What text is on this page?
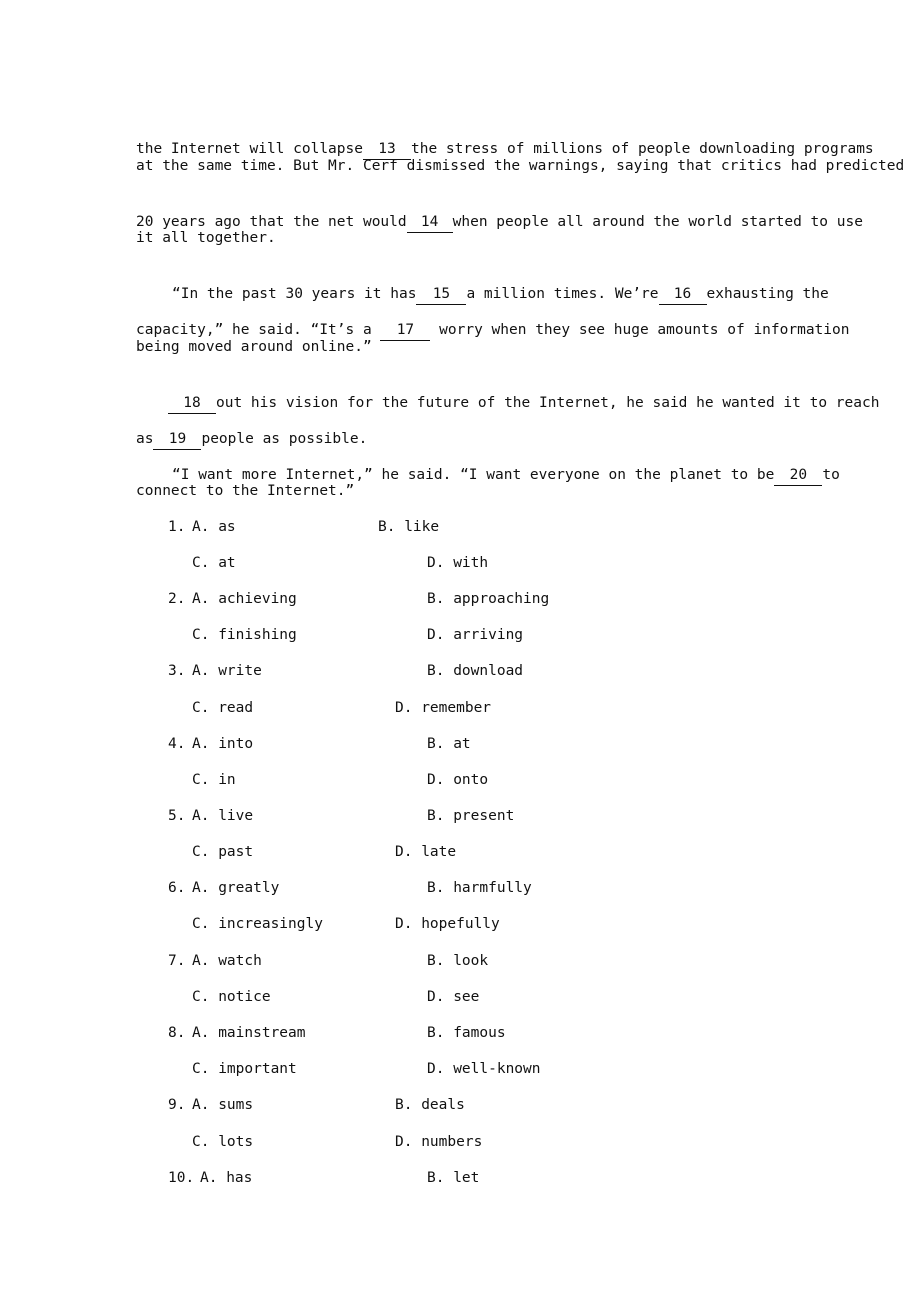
the Internet will collapse 13 the stress of millions of people downloading programs

at the same time. But Mr. Cerf dismissed the warnings, saying that critics had predicted

20 years ago that the net would 14 when people all around the world started to use

it all together.

“In the past 30 years it has 15 a million times. We’re 16 exhausting the

capacity,” he said. “It’s a 17 worry when they see huge amounts of information

being moved around online.”

18 out his vision for the future of the Internet, he said he wanted it to reach

as 19 people as possible.

“I want more Internet,” he said. “I want everyone on the planet to be 20 to

connect to the Internet.”
1. A. as	B. like
C. at	D. with
2. A. achieving	B. approaching
C. finishing	D. arriving
3. A. write	B. download
C. read	D. remember
4. A. into	B. at
C. in	D. onto
5. A. live	B. present
C. past	D. late
6. A. greatly	B. harmfully
C. increasingly	D. hopefully
7. A. watch	B. look
C. notice	D. see
8. A. mainstream	B. famous
C. important	D. well-known
9. A. sums	B. deals
C. lots	D. numbers
10. A. has	B. let
